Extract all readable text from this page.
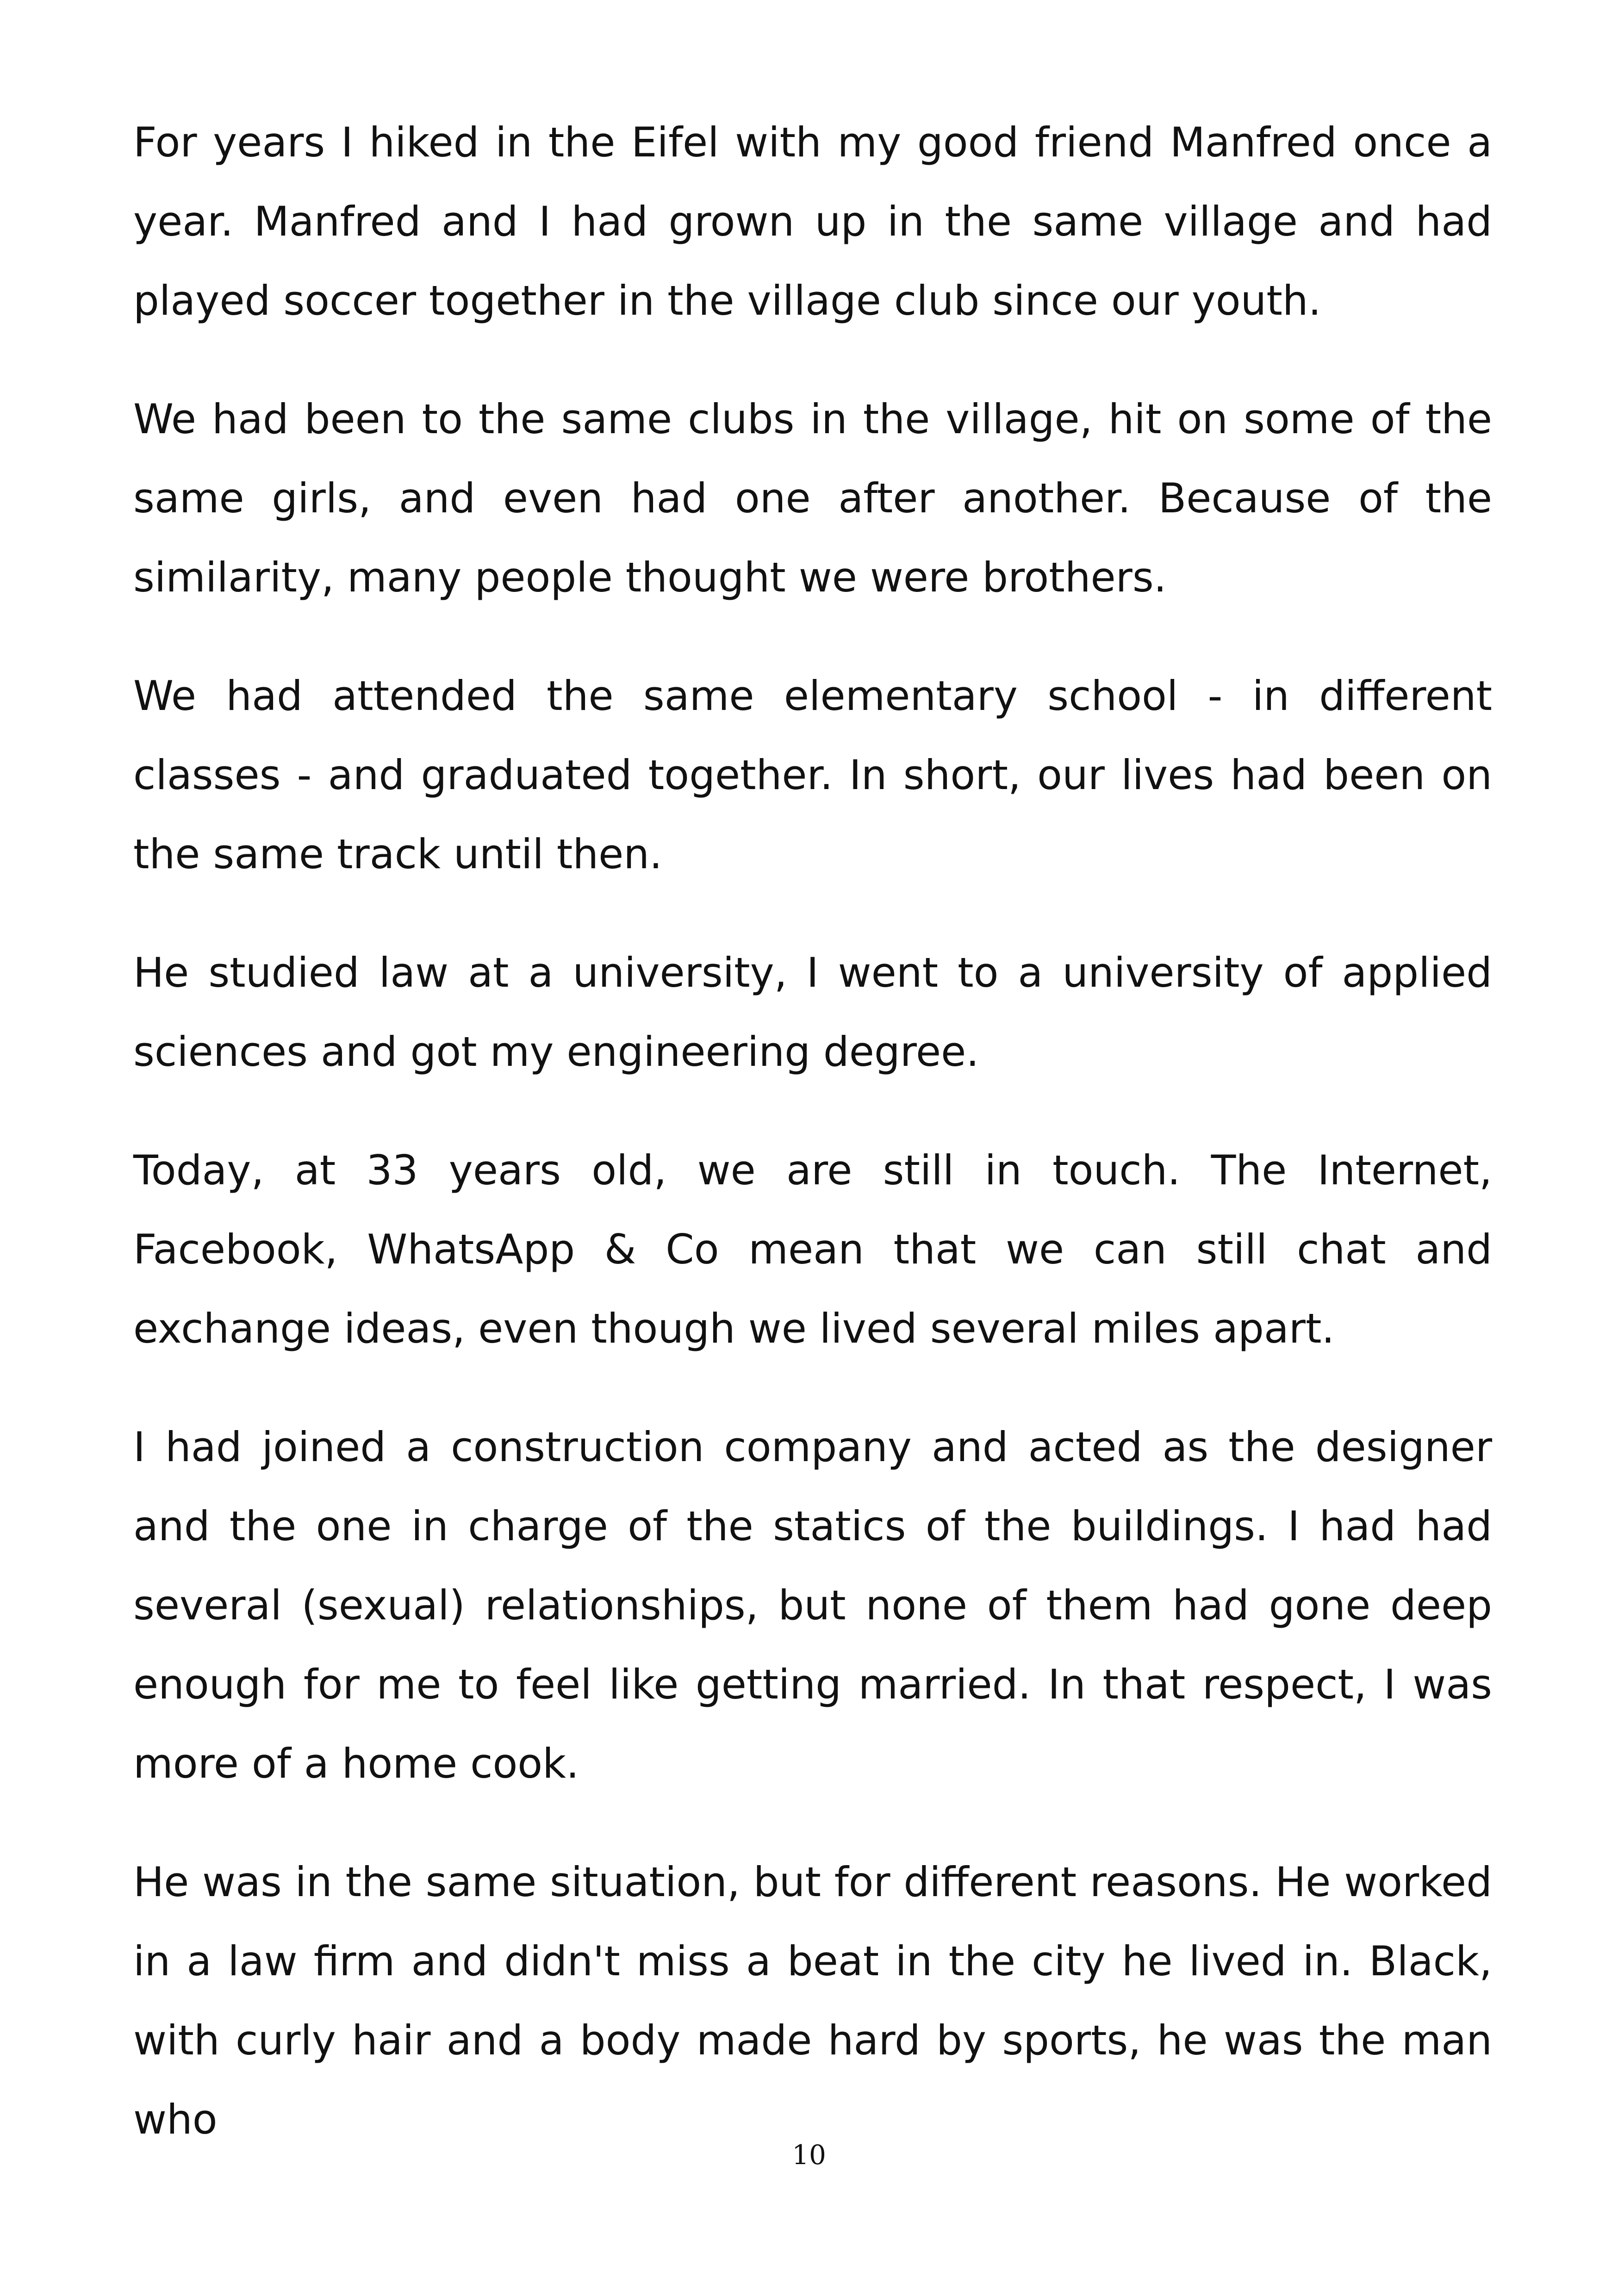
For years I hiked in the Eifel with my good friend Manfred once a year. Manfred and I had grown up in the same village and had played soccer together in the village club since our youth.

We had been to the same clubs in the village, hit on some of the same girls, and even had one after another. Because of the similarity, many people thought we were brothers.

We had attended the same elementary school - in different classes - and graduated together. In short, our lives had been on the same track until then.

He studied law at a university, I went to a university of applied sciences and got my engineering degree.

Today, at 33 years old, we are still in touch. The Internet, Facebook, WhatsApp & Co mean that we can still chat and exchange ideas, even though we lived several miles apart.

I had joined a construction company and acted as the designer and the one in charge of the statics of the buildings. I had had several (sexual) relationships, but none of them had gone deep enough for me to feel like getting married. In that respect, I was more of a home cook.

He was in the same situation, but for different reasons. He worked in a law firm and didn't miss a beat in the city he lived in. Black, with curly hair and a body made hard by sports, he was the man who

10
